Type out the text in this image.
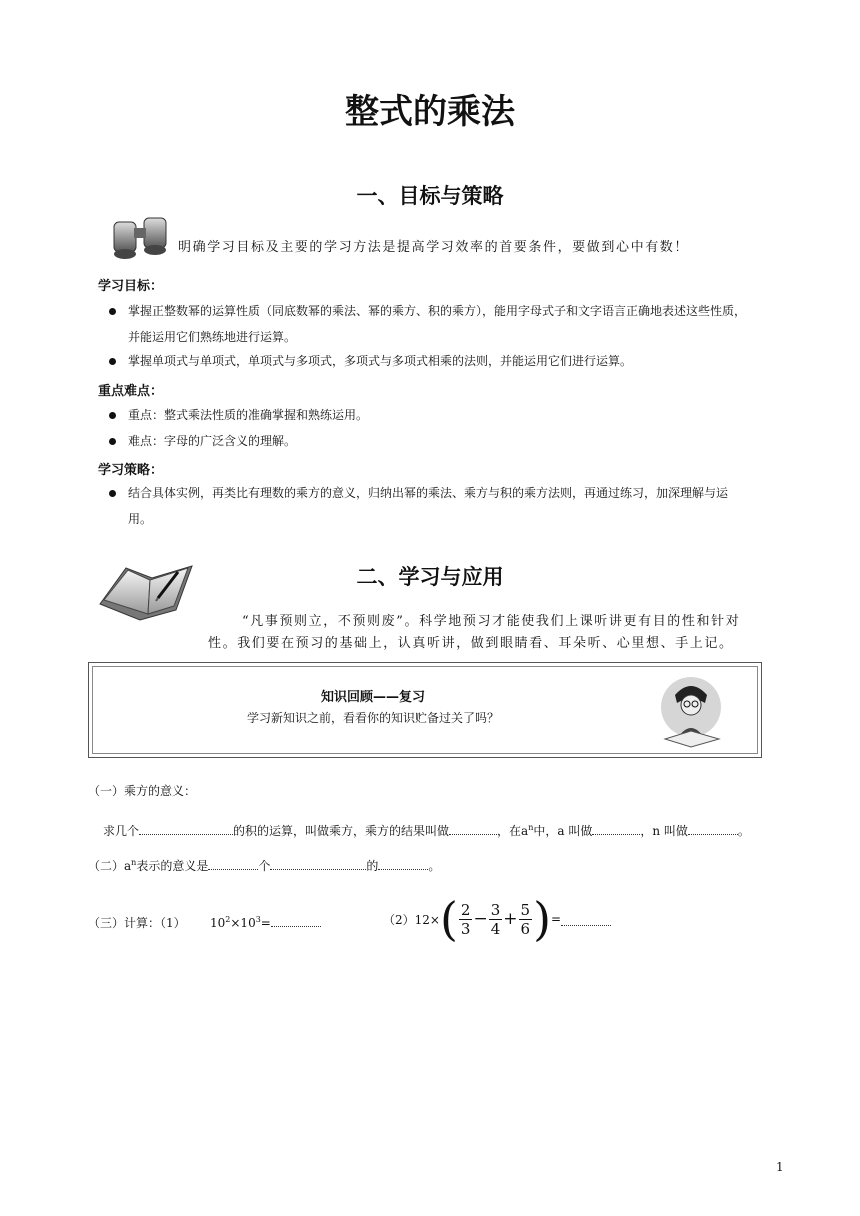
整式的乘法
一、目标与策略
明确学习目标及主要的学习方法是提高学习效率的首要条件，要做到心中有数！
学习目标：
掌握正整数幂的运算性质（同底数幂的乘法、幂的乘方、积的乘方），能用字母式子和文字语言正确地表述这些性质，
并能运用它们熟练地进行运算。
掌握单项式与单项式，单项式与多项式，多项式与多项式相乘的法则，并能运用它们进行运算。
重点难点：
重点：整式乘法性质的准确掌握和熟练运用。
难点：字母的广泛含义的理解。
学习策略：
结合具体实例，再类比有理数的乘方的意义，归纳出幂的乘法、乘方与积的乘方法则，再通过练习，加深理解与运
用。
二、学习与应用
“凡事预则立，不预则废”。科学地预习才能使我们上课听讲更有目的性和针对
性。我们要在预习的基础上，认真听讲，做到眼睛看、耳朵听、心里想、手上记。
知识回顾——复习
学习新知识之前，看看你的知识贮备过关了吗？
（一）乘方的意义：
求几个	的积的运算，叫做乘方，乘方的结果叫做	，在$a^n$中，a 叫做	，n 叫做	。
（二）$a^n$表示的意义是	个	的	。
（三）计算：（1） $10^2\times 10^3=$	（2）12× ( $\frac{2}{3} - \frac{3}{4} + \frac{5}{6}$ ) =
1
